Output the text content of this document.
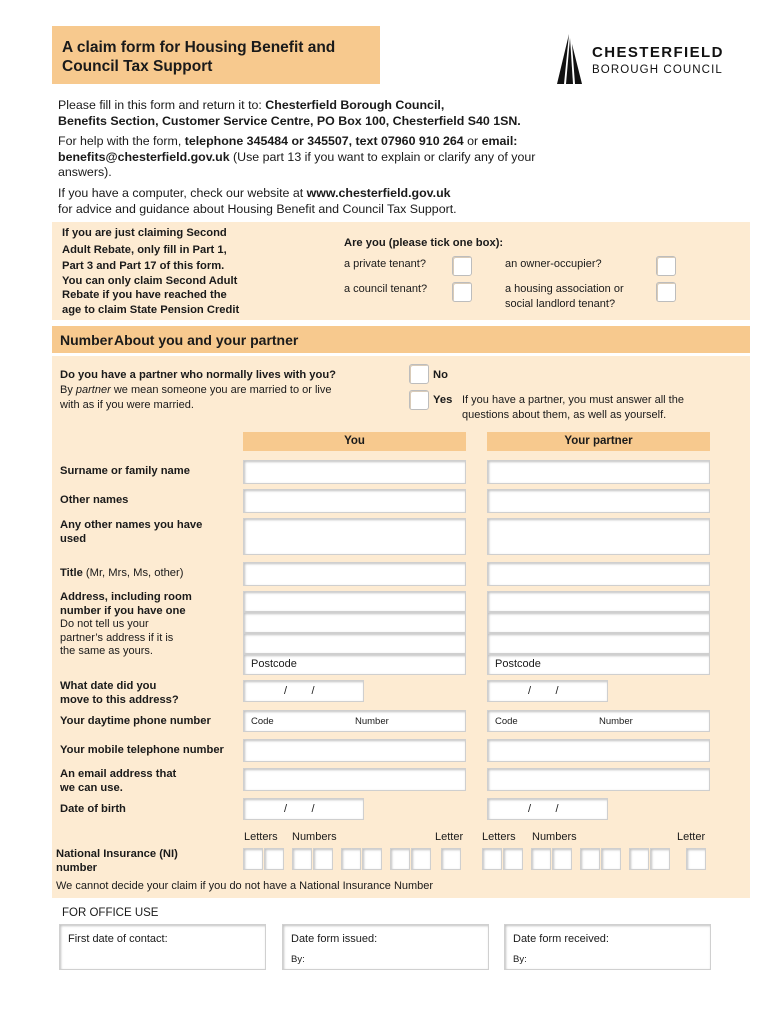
A claim form for Housing Benefit and
Council Tax Support
CHESTERFIELD
BOROUGH COUNCIL
Please fill in this form and return it to: Chesterfield Borough Council,
Benefits Section, Customer Service Centre, PO Box 100, Chesterfield S40 1SN.
For help with the form, telephone 345484 or 345507, text 07960 910 264 or email:
benefits@chesterfield.gov.uk (Use part 13 if you want to explain or clarify any of your
answers).
If you have a computer, check our website at www.chesterfield.gov.uk
for advice and guidance about Housing Benefit and Council Tax Support.
If you are just claiming Second
Adult Rebate, only fill in Part 1,
Part 3 and Part 17 of this form.
You can only claim Second Adult
Rebate if you have reached the
age to claim State Pension Credit
Are you (please tick one box):
a private tenant?	an owner-occupier?
a council tenant?	a housing association or
social landlord tenant?
Number About you and your partner
Do you have a partner who normally lives with you?
By partner we mean someone you are married to or live
with as if you were married.
No
Yes If you have a partner, you must answer all the
questions about them, as well as yourself.
You	Your partner
Surname or family name
Other names
Any other names you have
used
Title (Mr, Mrs, Ms, other)
Address, including room
number if you have one
Do not tell us your
partner’s address if it is
the same as yours.
Postcode	Postcode
What date did you
move to this address?
/        /	/        /
Your daytime phone number	Code	Number	Code	Number
Your mobile telephone number
An email address that
we can use.
Date of birth	/        /	/        /
Letters Numbers	Letter Letters Numbers	Letter
National Insurance (NI)
number
We cannot decide your claim if you do not have a National Insurance Number
FOR OFFICE USE
First date of contact:	Date form issued:
By:
Date form received:
By:
